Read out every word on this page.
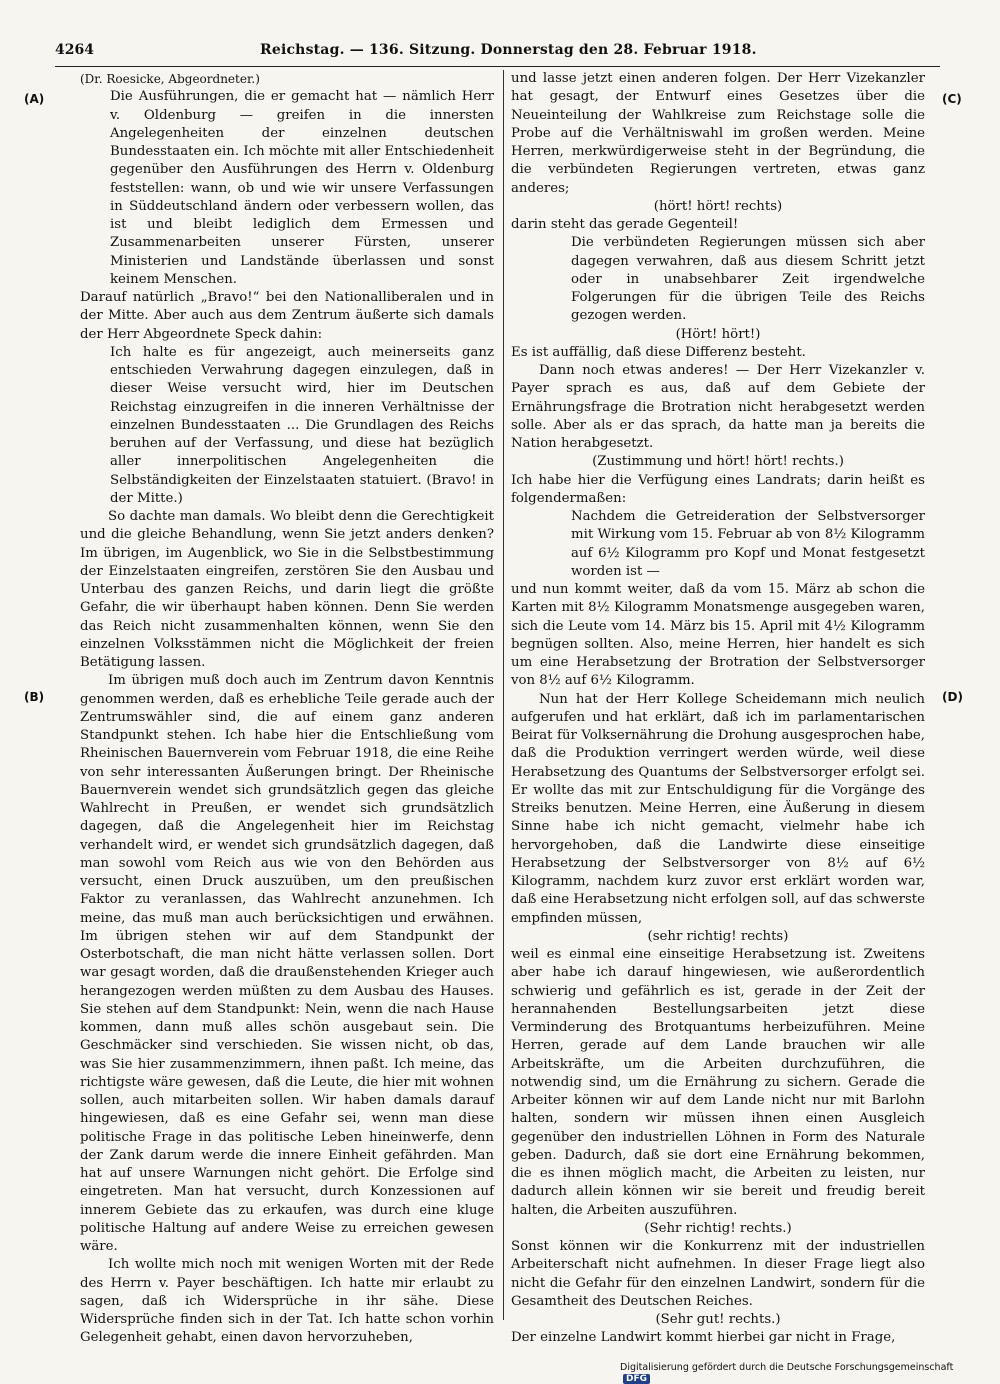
4264	Reichstag. — 136. Sitzung. Donnerstag den 28. Februar 1918.
(A)
(B)
(C)
(D)

(Dr. Roesicke, Abgeordneter.)

Die Ausführungen, die er gemacht hat — nämlich Herr v. Oldenburg — greifen in die innersten Angelegenheiten der einzelnen deutschen Bundesstaaten ein. Ich möchte mit aller Entschiedenheit gegenüber den Ausführungen des Herrn v. Oldenburg feststellen: wann, ob und wie wir unsere Verfassungen in Süddeutschland ändern oder verbessern wollen, das ist und bleibt lediglich dem Ermessen und Zusammenarbeiten unserer Fürsten, unserer Ministerien und Landstände überlassen und sonst keinem Menschen.

Darauf natürlich „Bravo!“ bei den Nationalliberalen und in der Mitte. Aber auch aus dem Zentrum äußerte sich damals der Herr Abgeordnete Speck dahin:

Ich halte es für angezeigt, auch meinerseits ganz entschieden Verwahrung dagegen einzulegen, daß in dieser Weise versucht wird, hier im Deutschen Reichstag einzugreifen in die inneren Verhältnisse der einzelnen Bundesstaaten ... Die Grundlagen des Reichs beruhen auf der Verfassung, und diese hat bezüglich aller innerpolitischen Angelegenheiten die Selbständigkeiten der Einzelstaaten statuiert. (Bravo! in der Mitte.)

So dachte man damals. Wo bleibt denn die Gerechtigkeit und die gleiche Behandlung, wenn Sie jetzt anders denken? Im übrigen, im Augenblick, wo Sie in die Selbstbestimmung der Einzelstaaten eingreifen, zerstören Sie den Ausbau und Unterbau des ganzen Reichs, und darin liegt die größte Gefahr, die wir überhaupt haben können. Denn Sie werden das Reich nicht zusammenhalten können, wenn Sie den einzelnen Volksstämmen nicht die Möglichkeit der freien Betätigung lassen.

Im übrigen muß doch auch im Zentrum davon Kenntnis genommen werden, daß es erhebliche Teile gerade auch der Zentrumswähler sind, die auf einem ganz anderen Standpunkt stehen. Ich habe hier die Entschließung vom Rheinischen Bauernverein vom Februar 1918, die eine Reihe von sehr interessanten Äußerungen bringt. Der Rheinische Bauernverein wendet sich grundsätzlich gegen das gleiche Wahlrecht in Preußen, er wendet sich grundsätzlich dagegen, daß die Angelegenheit hier im Reichstag verhandelt wird, er wendet sich grundsätzlich dagegen, daß man sowohl vom Reich aus wie von den Behörden aus versucht, einen Druck auszuüben, um den preußischen Faktor zu veranlassen, das Wahlrecht anzunehmen. Ich meine, das muß man auch berücksichtigen und erwähnen. Im übrigen stehen wir auf dem Standpunkt der Osterbotschaft, die man nicht hätte verlassen sollen. Dort war gesagt worden, daß die draußenstehenden Krieger auch herangezogen werden müßten zu dem Ausbau des Hauses. Sie stehen auf dem Standpunkt: Nein, wenn die nach Hause kommen, dann muß alles schön ausgebaut sein. Die Geschmäcker sind verschieden. Sie wissen nicht, ob das, was Sie hier zusammenzimmern, ihnen paßt. Ich meine, das richtigste wäre gewesen, daß die Leute, die hier mit wohnen sollen, auch mitarbeiten sollen. Wir haben damals darauf hingewiesen, daß es eine Gefahr sei, wenn man diese politische Frage in das politische Leben hineinwerfe, denn der Zank darum werde die innere Einheit gefährden. Man hat auf unsere Warnungen nicht gehört. Die Erfolge sind eingetreten. Man hat versucht, durch Konzessionen auf innerem Gebiete das zu erkaufen, was durch eine kluge politische Haltung auf andere Weise zu erreichen gewesen wäre.

Ich wollte mich noch mit wenigen Worten mit der Rede des Herrn v. Payer beschäftigen. Ich hatte mir erlaubt zu sagen, daß ich Widersprüche in ihr sähe. Diese Widersprüche finden sich in der Tat. Ich hatte schon vorhin Gelegenheit gehabt, einen davon hervorzuheben,

und lasse jetzt einen anderen folgen. Der Herr Vizekanzler hat gesagt, der Entwurf eines Gesetzes über die Neueinteilung der Wahlkreise zum Reichstage solle die Probe auf die Verhältniswahl im großen werden. Meine Herren, merkwürdigerweise steht in der Begründung, die die verbündeten Regierungen vertreten, etwas ganz anderes;

(hört! hört! rechts)

darin steht das gerade Gegenteil!

Die verbündeten Regierungen müssen sich aber dagegen verwahren, daß aus diesem Schritt jetzt oder in unabsehbarer Zeit irgendwelche Folgerungen für die übrigen Teile des Reichs gezogen werden.

(Hört! hört!)

Es ist auffällig, daß diese Differenz besteht.

Dann noch etwas anderes! — Der Herr Vizekanzler v. Payer sprach es aus, daß auf dem Gebiete der Ernährungsfrage die Brotration nicht herabgesetzt werden solle. Aber als er das sprach, da hatte man ja bereits die Nation herabgesetzt.

(Zustimmung und hört! hört! rechts.)

Ich habe hier die Verfügung eines Landrats; darin heißt es folgendermaßen:

Nachdem die Getreideration der Selbstversorger mit Wirkung vom 15. Februar ab von 8½ Kilogramm auf 6½ Kilogramm pro Kopf und Monat festgesetzt worden ist —

und nun kommt weiter, daß da vom 15. März ab schon die Karten mit 8½ Kilogramm Monatsmenge ausgegeben waren, sich die Leute vom 14. März bis 15. April mit 4½ Kilogramm begnügen sollten. Also, meine Herren, hier handelt es sich um eine Herabsetzung der Brotration der Selbstversorger von 8½ auf 6½ Kilogramm.

Nun hat der Herr Kollege Scheidemann mich neulich aufgerufen und hat erklärt, daß ich im parlamentarischen Beirat für Volksernährung die Drohung ausgesprochen habe, daß die Produktion verringert werden würde, weil diese Herabsetzung des Quantums der Selbstversorger erfolgt sei. Er wollte das mit zur Entschuldigung für die Vorgänge des Streiks benutzen. Meine Herren, eine Äußerung in diesem Sinne habe ich nicht gemacht, vielmehr habe ich hervorgehoben, daß die Landwirte diese einseitige Herabsetzung der Selbstversorger von 8½ auf 6½ Kilogramm, nachdem kurz zuvor erst erklärt worden war, daß eine Herabsetzung nicht erfolgen soll, auf das schwerste empfinden müssen,

(sehr richtig! rechts)

weil es einmal eine einseitige Herabsetzung ist. Zweitens aber habe ich darauf hingewiesen, wie außerordentlich schwierig und gefährlich es ist, gerade in der Zeit der herannahenden Bestellungsarbeiten jetzt diese Verminderung des Brotquantums herbeizuführen. Meine Herren, gerade auf dem Lande brauchen wir alle Arbeitskräfte, um die Arbeiten durchzuführen, die notwendig sind, um die Ernährung zu sichern. Gerade die Arbeiter können wir auf dem Lande nicht nur mit Barlohn halten, sondern wir müssen ihnen einen Ausgleich gegenüber den industriellen Löhnen in Form des Naturale geben. Dadurch, daß sie dort eine Ernährung bekommen, die es ihnen möglich macht, die Arbeiten zu leisten, nur dadurch allein können wir sie bereit und freudig bereit halten, die Arbeiten auszuführen.

(Sehr richtig! rechts.)

Sonst können wir die Konkurrenz mit der industriellen Arbeiterschaft nicht aufnehmen. In dieser Frage liegt also nicht die Gefahr für den einzelnen Landwirt, sondern für die Gesamtheit des Deutschen Reiches.

(Sehr gut! rechts.)

Der einzelne Landwirt kommt hierbei gar nicht in Frage,

Digitalisierung gefördert durch die Deutsche Forschungsgemeinschaft DFG
